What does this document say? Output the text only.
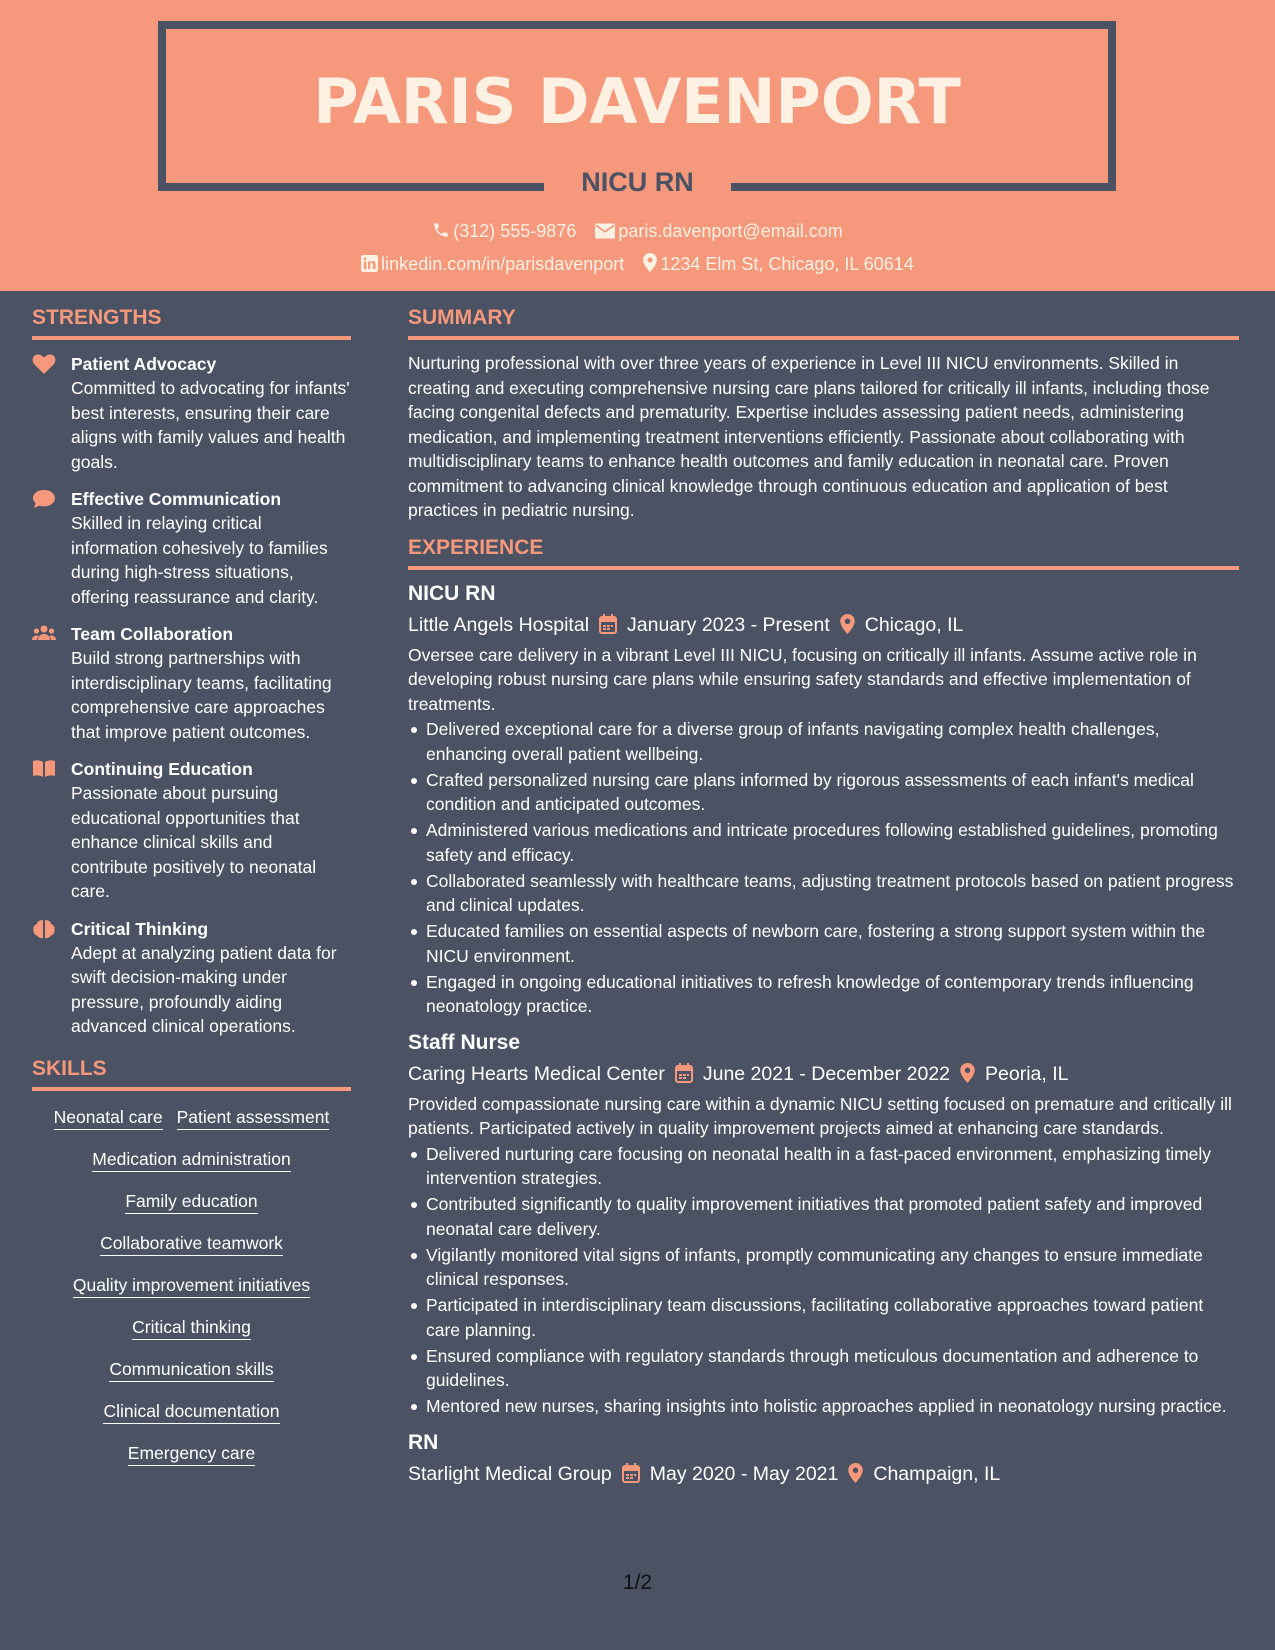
PARIS DAVENPORT
NICU RN
(312) 555-9876 paris.davenport@email.com
linkedin.com/in/parisdavenport 1234 Elm St, Chicago, IL 60614
STRENGTHS
Patient Advocacy
Committed to advocating for infants' best interests, ensuring their care aligns with family values and health goals.
Effective Communication
Skilled in relaying critical information cohesively to families during high-stress situations, offering reassurance and clarity.
Team Collaboration
Build strong partnerships with interdisciplinary teams, facilitating comprehensive care approaches that improve patient outcomes.
Continuing Education
Passionate about pursuing educational opportunities that enhance clinical skills and contribute positively to neonatal care.
Critical Thinking
Adept at analyzing patient data for swift decision-making under pressure, profoundly aiding advanced clinical operations.
SKILLS
Neonatal care Patient assessment
Medication administration
Family education
Collaborative teamwork
Quality improvement initiatives
Critical thinking
Communication skills
Clinical documentation
Emergency care
SUMMARY
Nurturing professional with over three years of experience in Level III NICU environments. Skilled in creating and executing comprehensive nursing care plans tailored for critically ill infants, including those facing congenital defects and prematurity. Expertise includes assessing patient needs, administering medication, and implementing treatment interventions efficiently. Passionate about collaborating with multidisciplinary teams to enhance health outcomes and family education in neonatal care. Proven commitment to advancing clinical knowledge through continuous education and application of best practices in pediatric nursing.
EXPERIENCE
NICU RN
Little Angels Hospital January 2023 - Present Chicago, IL
Oversee care delivery in a vibrant Level III NICU, focusing on critically ill infants. Assume active role in developing robust nursing care plans while ensuring safety standards and effective implementation of treatments.
Delivered exceptional care for a diverse group of infants navigating complex health challenges, enhancing overall patient wellbeing.
Crafted personalized nursing care plans informed by rigorous assessments of each infant's medical condition and anticipated outcomes.
Administered various medications and intricate procedures following established guidelines, promoting safety and efficacy.
Collaborated seamlessly with healthcare teams, adjusting treatment protocols based on patient progress and clinical updates.
Educated families on essential aspects of newborn care, fostering a strong support system within the NICU environment.
Engaged in ongoing educational initiatives to refresh knowledge of contemporary trends influencing neonatology practice.
Staff Nurse
Caring Hearts Medical Center June 2021 - December 2022 Peoria, IL
Provided compassionate nursing care within a dynamic NICU setting focused on premature and critically ill patients. Participated actively in quality improvement projects aimed at enhancing care standards.
Delivered nurturing care focusing on neonatal health in a fast-paced environment, emphasizing timely intervention strategies.
Contributed significantly to quality improvement initiatives that promoted patient safety and improved neonatal care delivery.
Vigilantly monitored vital signs of infants, promptly communicating any changes to ensure immediate clinical responses.
Participated in interdisciplinary team discussions, facilitating collaborative approaches toward patient care planning.
Ensured compliance with regulatory standards through meticulous documentation and adherence to guidelines.
Mentored new nurses, sharing insights into holistic approaches applied in neonatology nursing practice.
RN
Starlight Medical Group May 2020 - May 2021 Champaign, IL
1/2
